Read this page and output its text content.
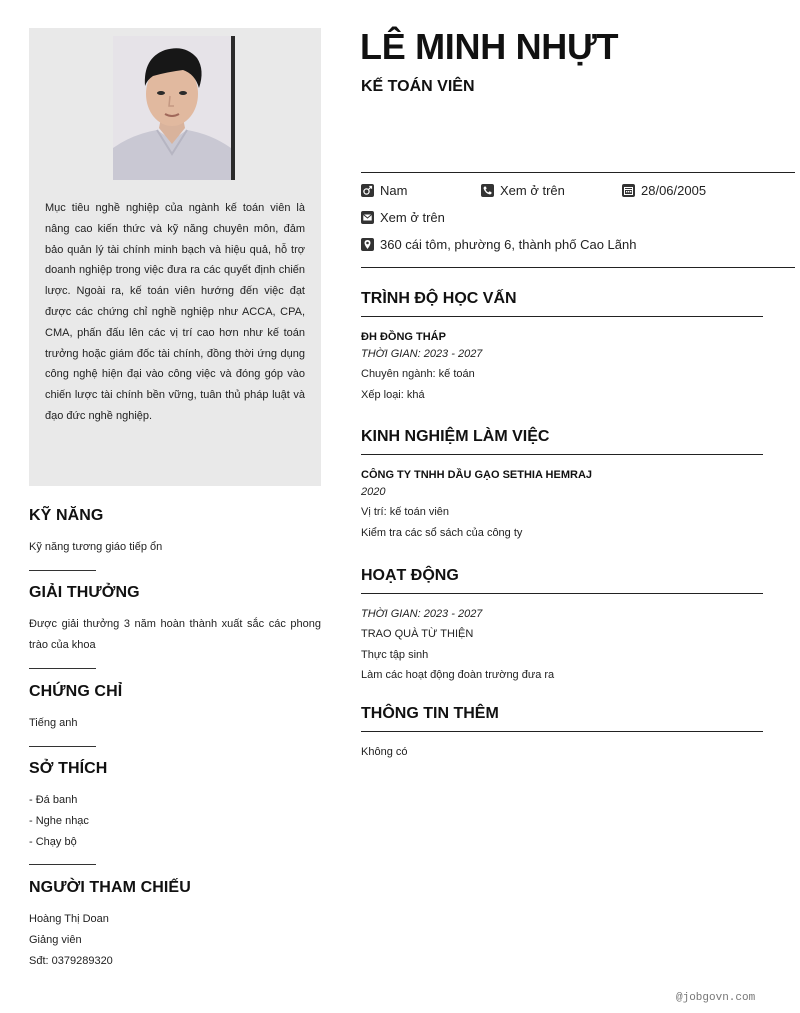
Mục tiêu nghề nghiệp của ngành kế toán viên là nâng cao kiến thức và kỹ năng chuyên môn, đảm bảo quản lý tài chính minh bạch và hiệu quả, hỗ trợ doanh nghiệp trong việc đưa ra các quyết định chiến lược. Ngoài ra, kế toán viên hướng đến việc đạt được các chứng chỉ nghề nghiệp như ACCA, CPA, CMA, phấn đấu lên các vị trí cao hơn như kế toán trưởng hoặc giám đốc tài chính, đồng thời ứng dụng công nghệ hiện đại vào công việc và đóng góp vào chiến lược tài chính bền vững, tuân thủ pháp luật và đạo đức nghề nghiệp.

KỸ NĂNG
Kỹ năng tương giáo tiếp ổn
GIẢI THƯỞNG
Được giải thưởng 3 năm hoàn thành xuất sắc các phong trào của khoa
CHỨNG CHỈ
Tiếng anh
SỞ THÍCH
- Đá banh
- Nghe nhạc
- Chạy bộ
NGƯỜI THAM CHIẾU
Hoàng Thị Doan
Giảng viên
Sđt: 0379289320
LÊ MINH NHỰT
KẾ TOÁN VIÊN
Nam	Xem ở trên	28/06/2005
Xem ở trên
360 cái tôm, phường 6, thành phố Cao Lãnh
TRÌNH ĐỘ HỌC VẤN
ĐH ĐỒNG THÁP
THỜI GIAN: 2023 - 2027
Chuyên ngành: kế toán
Xếp loại: khá
KINH NGHIỆM LÀM VIỆC
CÔNG TY TNHH DẦU GẠO SETHIA HEMRAJ
2020
Vị trí: kế toán viên
Kiểm tra các sổ sách của công ty
HOẠT ĐỘNG
THỜI GIAN: 2023 - 2027
TRAO QUÀ TỪ THIỆN
Thực tập sinh
Làm các hoạt động đoàn trường đưa ra
THÔNG TIN THÊM
Không có
@jobgovn.com
